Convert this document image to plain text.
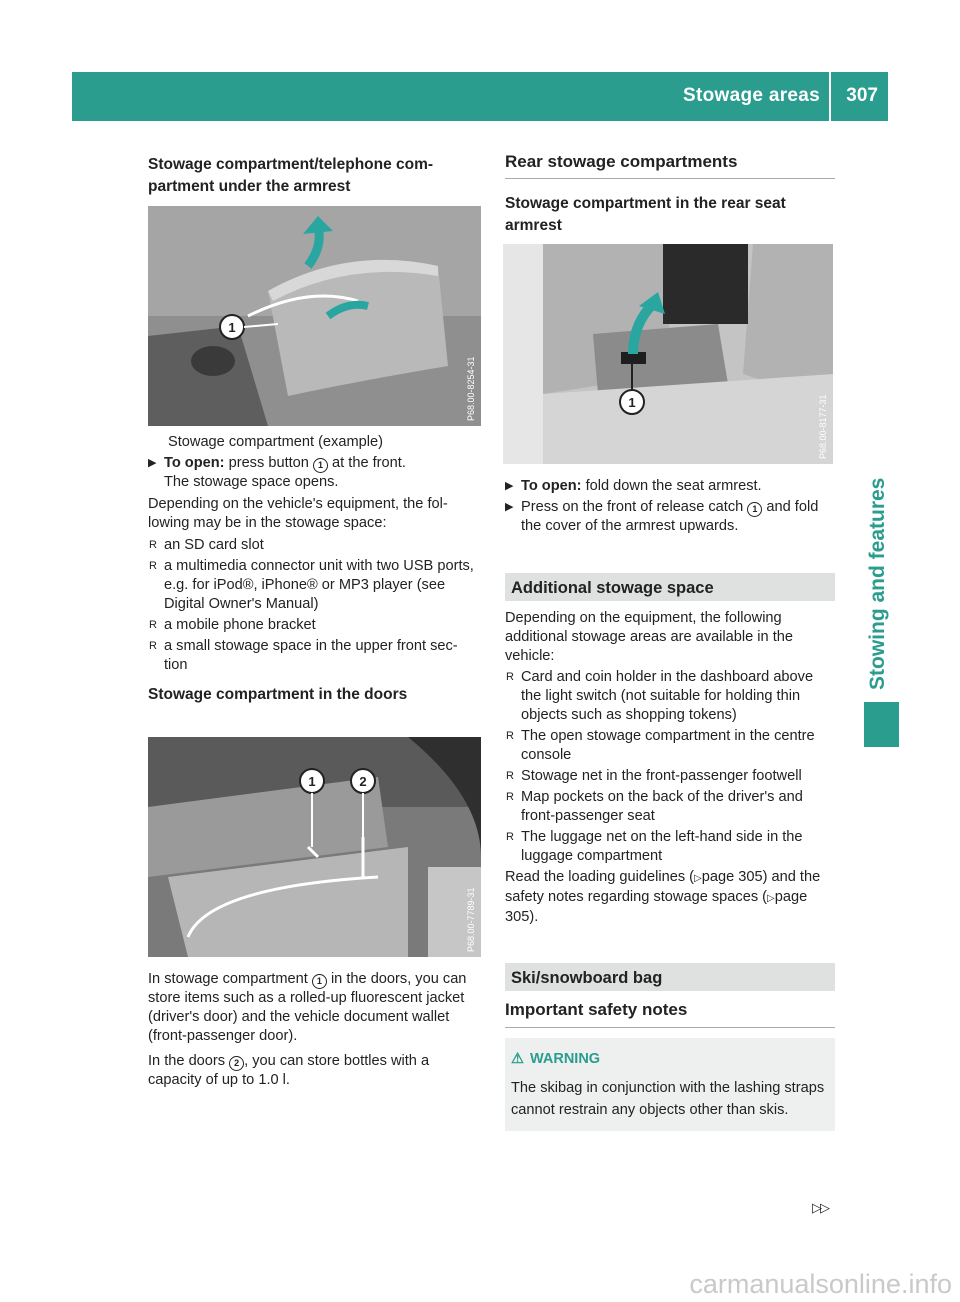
Stowage areas 307
Stowing and features
Stowage compartment/telephone com- partment under the armrest
1
P68.00-8254-31

Stowage compartment (example)

▶ To open: press button 1 at the front.
The stowage space opens.

Depending on the vehicle's equipment, the fol- lowing may be in the stowage space:

R an SD card slot
R a multimedia connector unit with two USB ports, e.g. for iPod®, iPhone® or MP3 player (see Digital Owner's Manual)
R a mobile phone bracket
R a small stowage space in the upper front sec- tion
Stowage compartment in the doors
1	2
P68.00-7789-31

In stowage compartment 1 in the doors, you can store items such as a rolled-up fluorescent jacket (driver's door) and the vehicle document wallet (front-passenger door).

In the doors 2 , you can store bottles with a capacity of up to 1.0 l.

Rear stowage compartments
Stowage compartment in the rear seat armrest
1	P68.00-8177-31
▶ To open: fold down the seat armrest.
▶ Press on the front of release catch 1 and fold the cover of the armrest upwards.
Additional stowage space

Depending on the equipment, the following additional stowage areas are available in the vehicle:

R Card and coin holder in the dashboard above the light switch (not suitable for holding thin objects such as shopping tokens)
R The open stowage compartment in the centre console
R Stowage net in the front-passenger footwell
R Map pockets on the back of the driver's and front-passenger seat
R The luggage net on the left-hand side in the luggage compartment

Read the loading guidelines (▷page 305) and the safety notes regarding stowage spaces (▷page 305).

Ski/snowboard bag
Important safety notes
⚠ WARNING

The skibag in conjunction with the lashing straps cannot restrain any objects other than skis.

▷▷
carmanualsonline.info
